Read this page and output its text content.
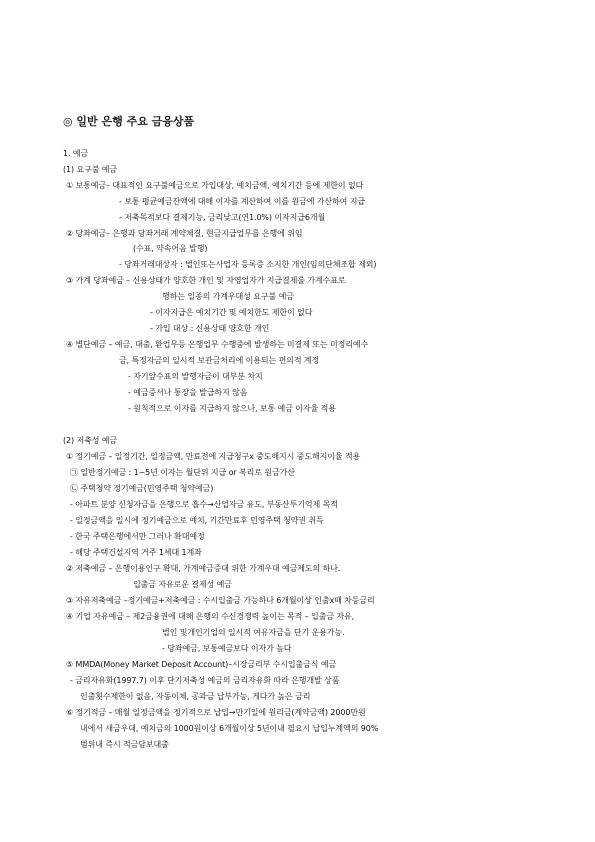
◎ 일반 은행 주요 금융상품
1. 예금
(1) 요구불 예금
① 보통예금– 대표적인 요구불예금으로 가입대상, 예치금액, 예치기간 등에 제한이 없다
- 보통 평균예금잔액에 대해 이자를 계산하여 이를 원금에 가산하여 지급
- 저축목적보다 결제기능, 금리낮고(연1.0%) 이자지급6개월
② 당좌예금– 은행과 당좌거래 계약체결, 현금지급업무를 은행에 위임
(수표, 약속어음 발행)
- 당좌거래대상자 : 법인또는사업자 등록증 소지한 개인(임의단체조합 제외)
③ 가계 당좌예금 – 신용상태가 양호한 개인 및 자영업자가 지급결제를 가계수표로
행하는 일종의 가계우대성 요구불 예금
- 이자지급은 예치기간 및 예치한도 제한이 없다
- 가입 대상 : 신용상태 양호한 개인
④ 별단예금 – 예금, 대출, 환업무등 은행업무 수행중에 발생하는 미결제 또는 미정리예수
금, 특정자금의 일시적 보관금처리에 이용되는 편의적 계정
- 자기앞수표의 발행자금이 대부분 차지
- 예금증서나 통장을 발급하지 않음
- 원칙적으로 이자를 지급하지 않으나, 보통 예금 이자율 적용
(2) 저축성 예금
① 정기예금 – 일정기간, 일정금액, 만료전에 지급청구x 중도해지시 중도해지이율 적용
㉠ 일반정기예금 : 1~5년 이자는 월단위 지급 or 복리로 원금가산
㉡ 주택청약 정기예금(민영주택 청약예금)
- 아파트 분양 신청자금을 은행으로 흡수→산업자금 유도, 부동산투기억제 목적
- 일정금액을 일시에 정기예금으로 예치, 기간만료후 민영주택 청약권 취득
- 한국 주택은행에서만 그러나 확대예정
- 해당 주택건설지역 거주 1세대 1계좌
② 저축예금 – 은행이용인구 확대, 가계예금증대 위한 가계우대 예금제도의 하나.
입출금 자유로운 결제성 예금
③ 자유저축예금 –정기예금+저축예금 : 수시입출금 가능하나 6개월이상 인출x때 차등금리
④ 기업 자유예금 – 제2금융권에 대해 은행의 수신경쟁력 높이는 목적 – 입출금 자유,
법인 및개인기업의 일시적 여유자금을 단기 운용가능.
- 당좌예금, 보통예금보다 이자가 높다
⑤ MMDA(Money Market Deposit Account)–시장금리부 수시입출금식 예금
- 금리자유화(1997.7) 이후 단기저축성 예금의 금리자유화 따라 은행개발 상품
인출횟수제한이 없음, 자동이체, 공과금 납부가능, 게다가 높은 금리
⑥ 정기적금 – 매월 일정금액을 정기적으로 납입→만기일에 원리금(계약금액) 2000만원
내에서 새금우대, 예치금의 1000원이상 6개월이상 5년이내 필요시 납입누계액의 90%
범위내 즉시 적금담보대출
